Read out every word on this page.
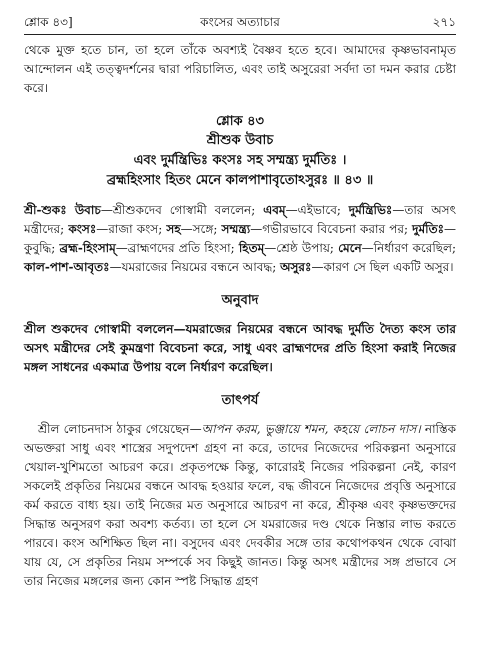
শ্লোক ৪৩]	কংসের অত্যাচার	২৭১

থেকে মুক্ত হতে চান, তা হলে তাঁকে অবশ্যই বৈষ্ণব হতে হবে। আমাদের কৃষ্ণভাবনামৃত আন্দোলন এই তত্ত্বদর্শনের দ্বারা পরিচালিত, এবং তাই অসুরেরা সর্বদা তা দমন করার চেষ্টা করে।

শ্লোক ৪৩
শ্রীশুক উবাচ
এবং দুর্মন্ত্রিভিঃ কংসঃ সহ সম্মন্ত্র্য দুর্মতিঃ ।
ব্রহ্মহিংসাং হিতং মেনে কালপাশাবৃতোঽসুরঃ ॥ ৪৩ ॥

শ্রী-শুকঃ উবাচ—শ্রীশুকদেব গোস্বামী বললেন; এবম্—এইভাবে; দুর্মন্ত্রিভিঃ—তার অসৎ মন্ত্রীদের; কংসঃ—রাজা কংস; সহ—সঙ্গে; সম্মন্ত্র্য—গভীরভাবে বিবেচনা করার পর; দুর্মতিঃ—কুবুদ্ধি; ব্রহ্ম-হিংসাম্—ব্রাহ্মণদের প্রতি হিংসা; হিতম্—শ্রেষ্ঠ উপায়; মেনে—নির্ধারণ করেছিল; কাল-পাশ-আবৃতঃ—যমরাজের নিয়মের বন্ধনে আবদ্ধ; অসুরঃ—কারণ সে ছিল একটি অসুর।

অনুবাদ

শ্রীল শুকদেব গোস্বামী বললেন—যমরাজের নিয়মের বন্ধনে আবদ্ধ দুর্মতি দৈত্য কংস তার অসৎ মন্ত্রীদের সেই কুমন্ত্রণা বিবেচনা করে, সাধু এবং ব্রাহ্মণদের প্রতি হিংসা করাই নিজের মঙ্গল সাধনের একমাত্র উপায় বলে নির্ধারণ করেছিল।

তাৎপর্য

শ্রীল লোচনদাস ঠাকুর গেয়েছেন—আপন করম, ভুঞ্জায়ে শমন, কহয়ে লোচন দাস। নাস্তিক অভক্তরা সাধু এবং শাস্ত্রের সদুপদেশ গ্রহণ না করে, তাদের নিজেদের পরিকল্পনা অনুসারে খেয়াল-খুশিমতো আচরণ করে। প্রকৃতপক্ষে কিন্তু, কারোরই নিজের পরিকল্পনা নেই, কারণ সকলেই প্রকৃতির নিয়মের বন্ধনে আবদ্ধ হওয়ার ফলে, বদ্ধ জীবনে নিজেদের প্রবৃত্তি অনুসারে কর্ম করতে বাধ্য হয়। তাই নিজের মত অনুসারে আচরণ না করে, শ্রীকৃষ্ণ এবং কৃষ্ণভক্তদের সিদ্ধান্ত অনুসরণ করা অবশ্য কর্তব্য। তা হলে সে যমরাজের দণ্ড থেকে নিস্তার লাভ করতে পারবে। কংস অশিক্ষিত ছিল না। বসুদেব এবং দেবকীর সঙ্গে তার কথোপকথন থেকে বোঝা যায় যে, সে প্রকৃতির নিয়ম সম্পর্কে সব কিছুই জানত। কিন্তু অসৎ মন্ত্রীদের সঙ্গ প্রভাবে সে তার নিজের মঙ্গলের জন্য কোন স্পষ্ট সিদ্ধান্ত গ্রহণ
